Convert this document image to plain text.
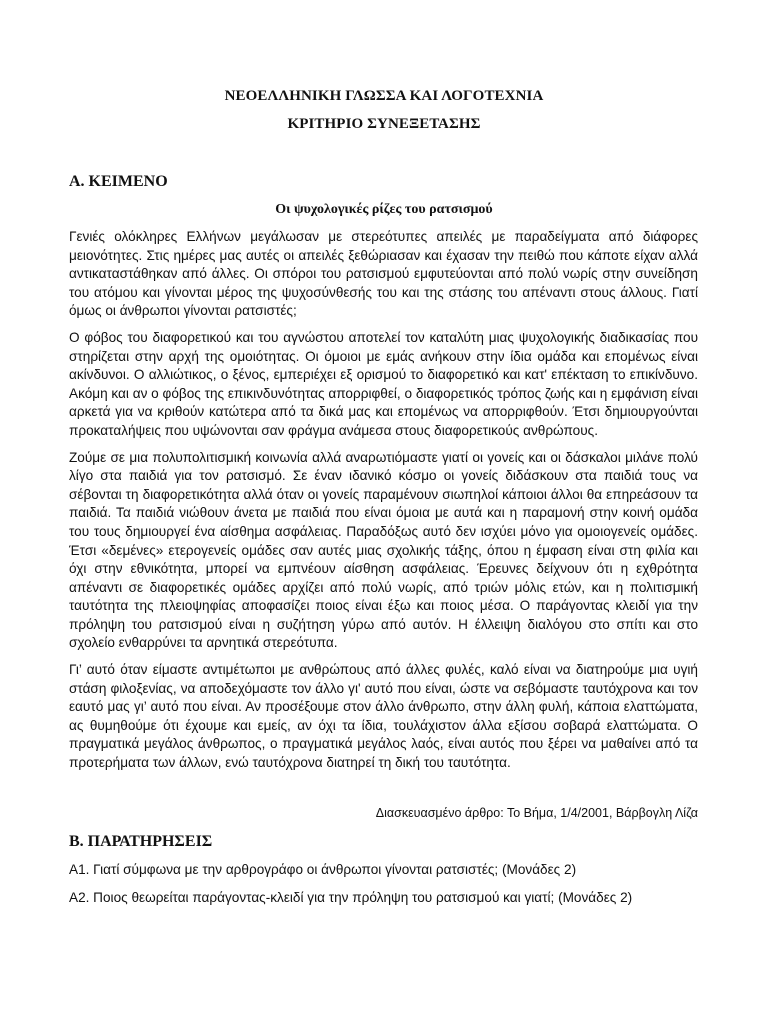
ΝΕΟΕΛΛΗΝΙΚΗ ΓΛΩΣΣΑ ΚΑΙ ΛΟΓΟΤΕΧΝΙΑ
ΚΡΙΤΗΡΙΟ ΣΥΝΕΞΕΤΑΣΗΣ
Α. ΚΕΙΜΕΝΟ
Οι ψυχολογικές ρίζες του ρατσισμού

Γενιές ολόκληρες Ελλήνων μεγάλωσαν με στερεότυπες απειλές με παραδείγματα από διάφορες μειονότητες. Στις ημέρες μας αυτές οι απειλές ξεθώριασαν και έχασαν την πειθώ που κάποτε είχαν αλλά αντικαταστάθηκαν από άλλες. Οι σπόροι του ρατσισμού εμφυτεύονται από πολύ νωρίς στην συνείδηση του ατόμου και γίνονται μέρος της ψυχοσύνθεσής του και της στάσης του απέναντι στους άλλους. Γιατί όμως οι άνθρωποι γίνονται ρατσιστές;

Ο φόβος του διαφορετικού και του αγνώστου αποτελεί τον καταλύτη μιας ψυχολογικής διαδικασίας που στηρίζεται στην αρχή της ομοιότητας. Οι όμοιοι με εμάς ανήκουν στην ίδια ομάδα και επομένως είναι ακίνδυνοι. Ο αλλιώτικος, ο ξένος, εμπεριέχει εξ ορισμού το διαφορετικό και κατ' επέκταση το επικίνδυνο. Ακόμη και αν ο φόβος της επικινδυνότητας απορριφθεί, ο διαφορετικός τρόπος ζωής και η εμφάνιση είναι αρκετά για να κριθούν κατώτερα από τα δικά μας και επομένως να απορριφθούν. Έτσι δημιουργούνται προκαταλήψεις που υψώνονται σαν φράγμα ανάμεσα στους διαφορετικούς ανθρώπους.

Ζούμε σε μια πολυπολιτισμική κοινωνία αλλά αναρωτιόμαστε γιατί οι γονείς και οι δάσκαλοι μιλάνε πολύ λίγο στα παιδιά για τον ρατσισμό. Σε έναν ιδανικό κόσμο οι γονείς διδάσκουν στα παιδιά τους να σέβονται τη διαφορετικότητα αλλά όταν οι γονείς παραμένουν σιωπηλοί κάποιοι άλλοι θα επηρεάσουν τα παιδιά. Τα παιδιά νιώθουν άνετα με παιδιά που είναι όμοια με αυτά και η παραμονή στην κοινή ομάδα του τους δημιουργεί ένα αίσθημα ασφάλειας. Παραδόξως αυτό δεν ισχύει μόνο για ομοιογενείς ομάδες. Έτσι «δεμένες» ετερογενείς ομάδες σαν αυτές μιας σχολικής τάξης, όπου η έμφαση είναι στη φιλία και όχι στην εθνικότητα, μπορεί να εμπνέουν αίσθηση ασφάλειας. Έρευνες δείχνουν ότι η εχθρότητα απέναντι σε διαφορετικές ομάδες αρχίζει από πολύ νωρίς, από τριών μόλις ετών, και η πολιτισμική ταυτότητα της πλειοψηφίας αποφασίζει ποιος είναι έξω και ποιος μέσα. Ο παράγοντας κλειδί για την πρόληψη του ρατσισμού είναι η συζήτηση γύρω από αυτόν. Η έλλειψη διαλόγου στο σπίτι και στο σχολείο ενθαρρύνει τα αρνητικά στερεότυπα.

Γι’ αυτό όταν είμαστε αντιμέτωποι με ανθρώπους από άλλες φυλές, καλό είναι να διατηρούμε μια υγιή στάση φιλοξενίας, να αποδεχόμαστε τον άλλο γι' αυτό που είναι, ώστε να σεβόμαστε ταυτόχρονα και τον εαυτό μας γι’ αυτό που είναι. Αν προσέξουμε στον άλλο άνθρωπο, στην άλλη φυλή, κάποια ελαττώματα, ας θυμηθούμε ότι έχουμε και εμείς, αν όχι τα ίδια, τουλάχιστον άλλα εξίσου σοβαρά ελαττώματα. Ο πραγματικά μεγάλος άνθρωπος, ο πραγματικά μεγάλος λαός, είναι αυτός που ξέρει να μαθαίνει από τα προτερήματα των άλλων, ενώ ταυτόχρονα διατηρεί τη δική του ταυτότητα.

Διασκευασμένο άρθρο: Το Βήμα, 1/4/2001, Βάρβογλη Λίζα

Β. ΠΑΡΑΤΗΡΗΣΕΙΣ

Α1. Γιατί σύμφωνα με την αρθρογράφο οι άνθρωποι γίνονται ρατσιστές; (Μονάδες 2)

Α2. Ποιος θεωρείται παράγοντας-κλειδί για την πρόληψη του ρατσισμού και γιατί; (Μονάδες 2)
